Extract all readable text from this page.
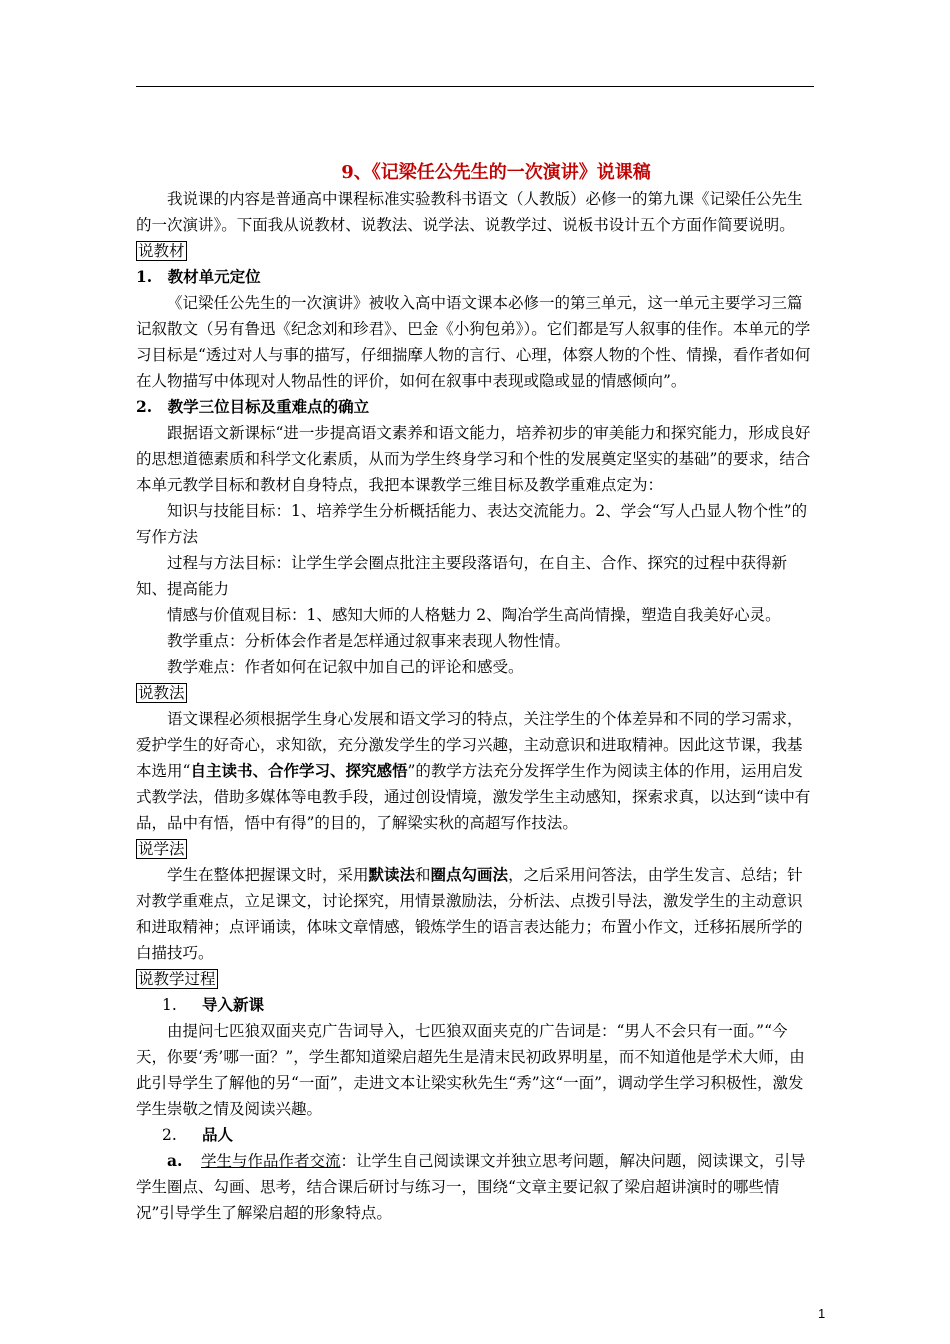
9、《记梁任公先生的一次演讲》说课稿

我说课的内容是普通高中课程标准实验教科书语文（人教版）必修一的第九课《记梁任公先生的一次演讲》。下面我从说教材、说教法、说学法、说教学过、说板书设计五个方面作简要说明。

说教材

1.　教材单元定位

《记梁任公先生的一次演讲》被收入高中语文课本必修一的第三单元，这一单元主要学习三篇记叙散文（另有鲁迅《纪念刘和珍君》、巴金《小狗包弟》）。它们都是写人叙事的佳作。本单元的学习目标是“透过对人与事的描写，仔细揣摩人物的言行、心理，体察人物的个性、情操，看作者如何在人物描写中体现对人物品性的评价，如何在叙事中表现或隐或显的情感倾向”。

2.　教学三位目标及重难点的确立

跟据语文新课标“进一步提高语文素养和语文能力，培养初步的审美能力和探究能力，形成良好的思想道德素质和科学文化素质，从而为学生终身学习和个性的发展奠定坚实的基础”的要求，结合本单元教学目标和教材自身特点，我把本课教学三维目标及教学重难点定为：

知识与技能目标：1、培养学生分析概括能力、表达交流能力。2、学会“写人凸显人物个性”的写作方法

过程与方法目标：让学生学会圈点批注主要段落语句，在自主、合作、探究的过程中获得新知、提高能力

情感与价值观目标：1、感知大师的人格魅力 2、陶冶学生高尚情操，塑造自我美好心灵。

教学重点：分析体会作者是怎样通过叙事来表现人物性情。

教学难点：作者如何在记叙中加自己的评论和感受。

说教法

语文课程必须根据学生身心发展和语文学习的特点，关注学生的个体差异和不同的学习需求，爱护学生的好奇心，求知欲，充分激发学生的学习兴趣，主动意识和进取精神。因此这节课，我基本选用“自主读书、合作学习、探究感悟”的教学方法充分发挥学生作为阅读主体的作用，运用启发式教学法，借助多媒体等电教手段，通过创设情境，激发学生主动感知，探索求真，以达到“读中有品，品中有悟，悟中有得”的目的，了解梁实秋的高超写作技法。

说学法

学生在整体把握课文时，采用默读法和圈点勾画法，之后采用问答法，由学生发言、总结；针对教学重难点，立足课文，讨论探究，用情景激励法，分析法、点拨引导法，激发学生的主动意识和进取精神；点评诵读，体味文章情感，锻炼学生的语言表达能力；布置小作文，迁移拓展所学的白描技巧。

说教学过程

1. 导入新课

由提问七匹狼双面夹克广告词导入，七匹狼双面夹克的广告词是：“男人不会只有一面。”“今天，你要‘秀’哪一面？”，学生都知道梁启超先生是清末民初政界明星，而不知道他是学术大师，由此引导学生了解他的另“一面”，走进文本让梁实秋先生“秀”这“一面”，调动学生学习积极性，激发学生崇敬之情及阅读兴趣。

2. 品人

a. 学生与作品作者交流：让学生自己阅读课文并独立思考问题，解决问题，阅读课文，引导学生圈点、勾画、思考，结合课后研讨与练习一，围绕“文章主要记叙了梁启超讲演时的哪些情况”引导学生了解梁启超的形象特点。

1
